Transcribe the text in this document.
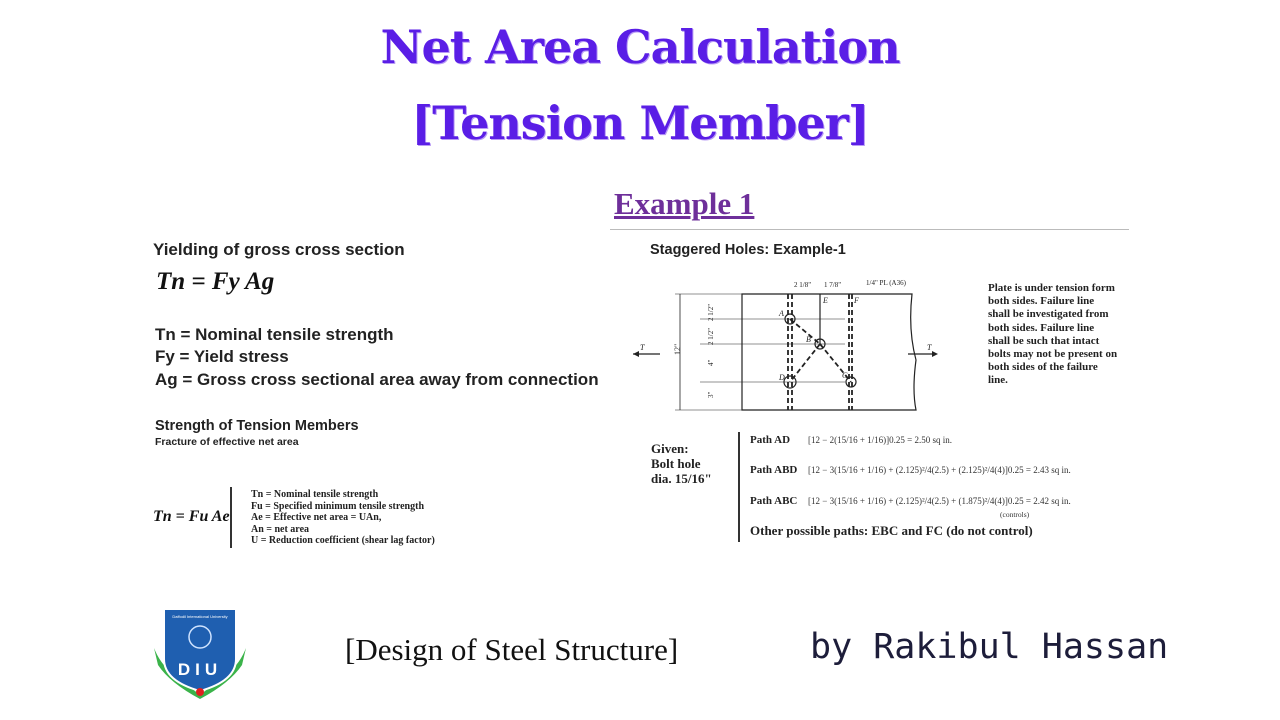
Net Area Calculation
[Tension Member]
Example 1
Yielding of gross cross section
Tn = Fy Ag
Tn = Nominal tensile strength
Fy = Yield stress
Ag = Gross cross sectional area away from connection
Strength of Tension Members
Fracture of effective net area
Tn = Fu Ae
Tn = Nominal tensile strength
Fu = Specified minimum tensile strength
Ae = Effective net area = UAn,
An = net area
U = Reduction coefficient (shear lag factor)
Staggered Holes: Example-1
A
B
C
D
E	F
T	T
12"
2 1/2"
2 1/2"
4"
3"
2 1/8" 1 7/8"	1/4" PL (A36)	Plate is under tension form both sides. Failure line shall be investigated from both sides. Failure line shall be such that intact bolts may not be present on both sides of the failure line.
Given:
Bolt hole
dia. 15/16"
Path AD	[12 − 2(15/16 + 1/16)]0.25 = 2.50 sq in.
Path ABD [12 − 3(15/16 + 1/16) + (2.125)²/4(2.5) + (2.125)²/4(4)]0.25 = 2.43 sq in.
Path ABC [12 − 3(15/16 + 1/16) + (2.125)²/4(2.5) + (1.875)²/4(4)]0.25 = 2.42 sq in.
(controls)
Other possible paths: EBC and FC (do not control)
Daffodil International University
DIU
[Design of Steel Structure]	by Rakibul Hassan
